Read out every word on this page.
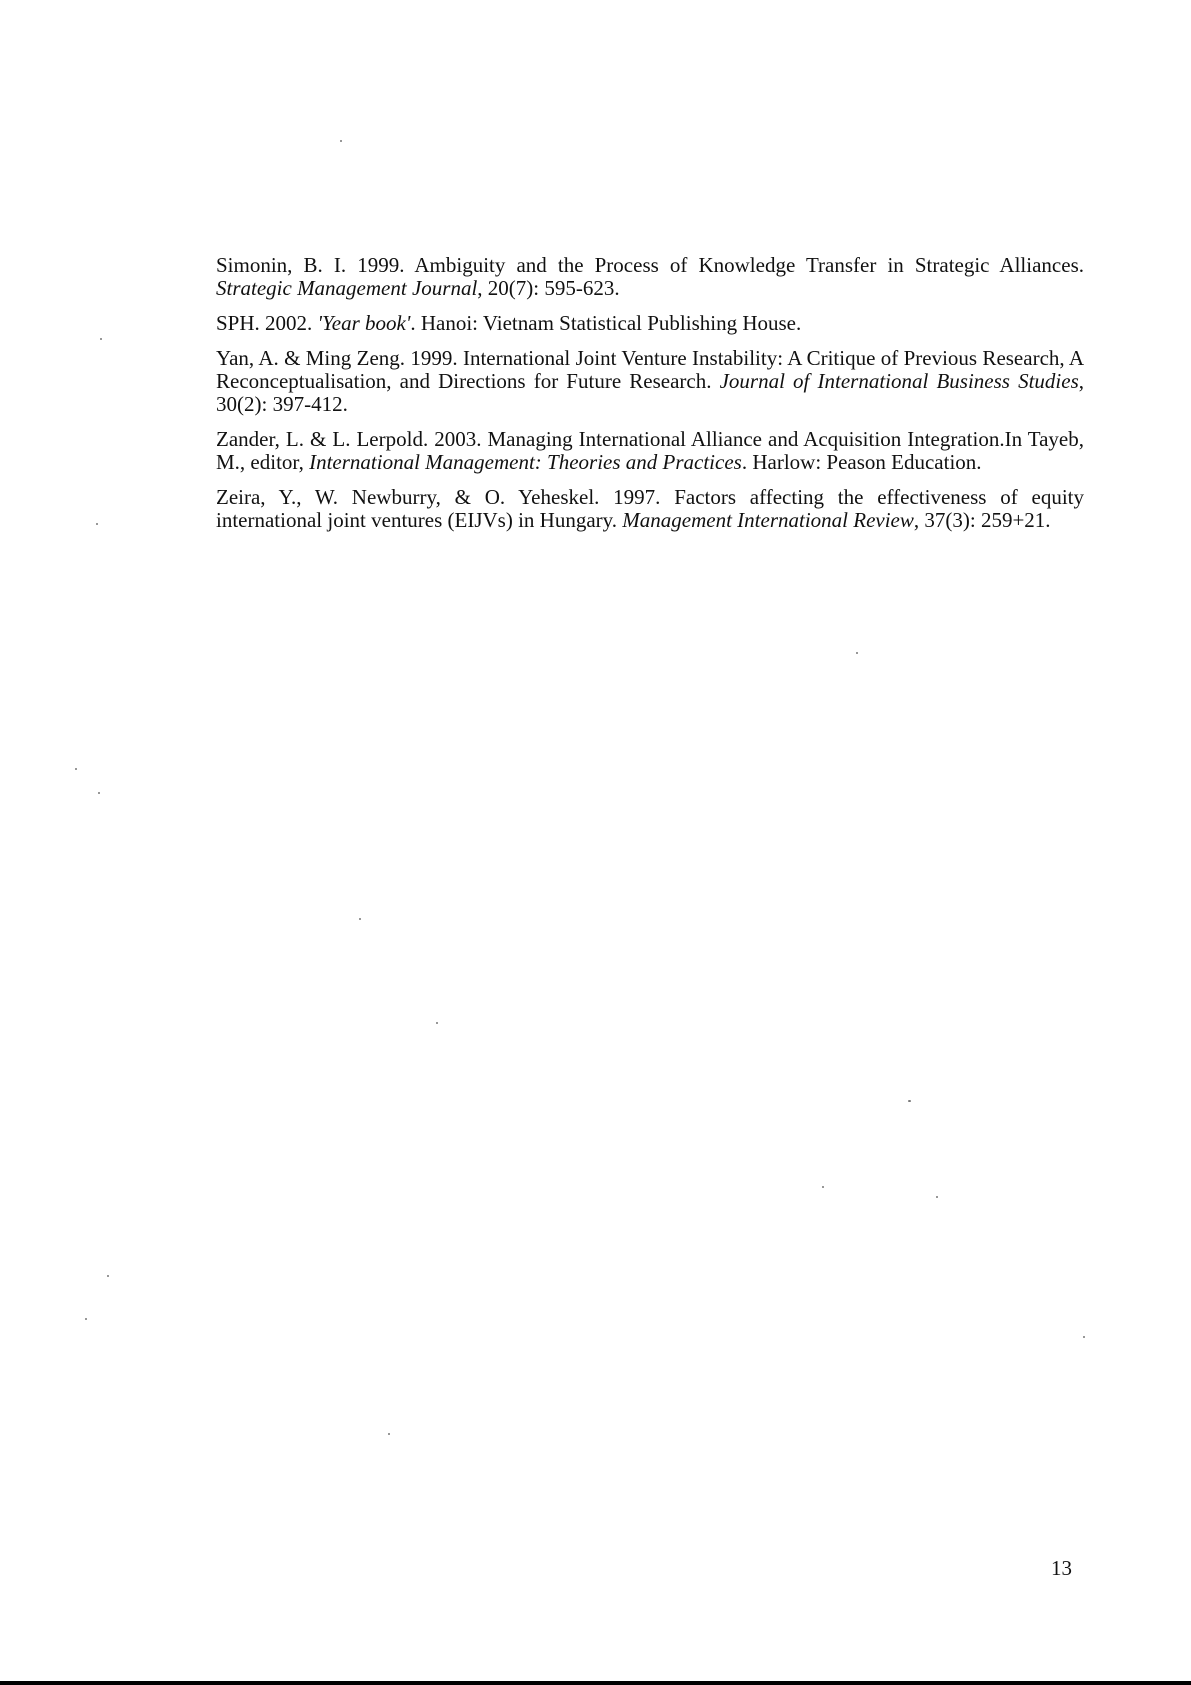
Simonin, B. I. 1999. Ambiguity and the Process of Knowledge Transfer in Strategic Alliances. Strategic Management Journal, 20(7): 595-623.

SPH. 2002. 'Year book'. Hanoi: Vietnam Statistical Publishing House.

Yan, A. & Ming Zeng. 1999. International Joint Venture Instability: A Critique of Previous Research, A Reconceptualisation, and Directions for Future Research. Journal of International Business Studies, 30(2): 397-412.

Zander, L. & L. Lerpold. 2003. Managing International Alliance and Acquisition Integration.In Tayeb, M., editor, International Management: Theories and Practices. Harlow: Peason Education.

Zeira, Y., W. Newburry, & O. Yeheskel. 1997. Factors affecting the effectiveness of equity international joint ventures (EIJVs) in Hungary. Management International Review, 37(3): 259+21.

13
